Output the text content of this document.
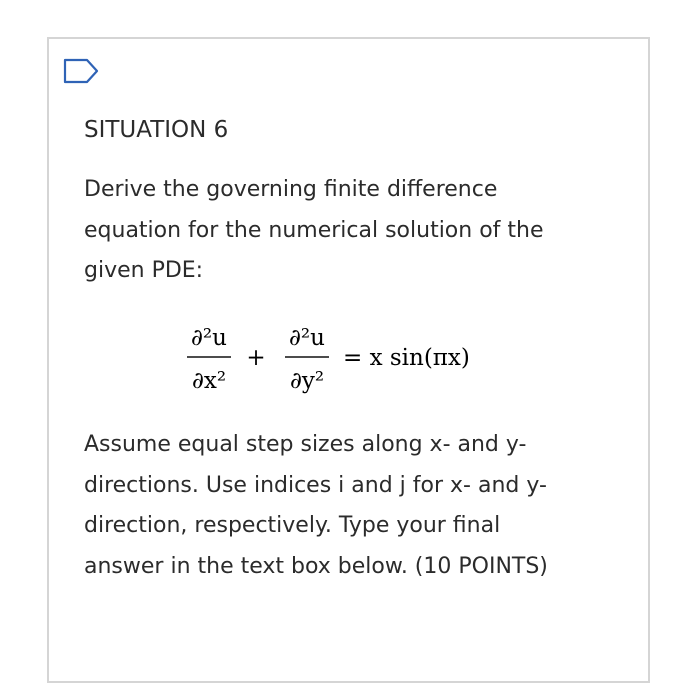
SITUATION 6

Derive the governing finite difference
equation for the numerical solution of the
given PDE:

∂²u
∂x²
+
∂²u
∂y²
= x sin(πx)

Assume equal step sizes along x- and y-
directions. Use indices i and j for x- and y-
direction, respectively. Type your final
answer in the text box below. (10 POINTS)
